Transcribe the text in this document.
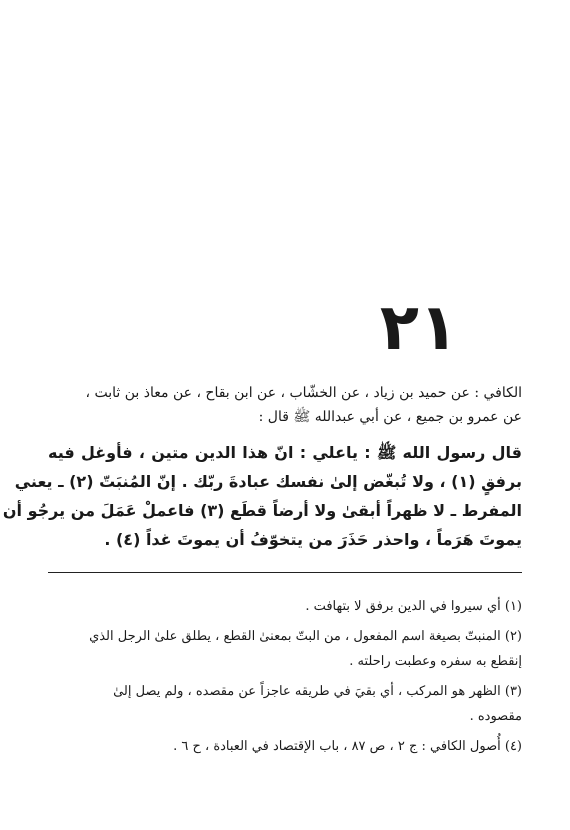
٢١
الكافي : عن حميد بن زياد ، عن الخشّاب ، عن ابن بقاح ، عن معاذ بن ثابت ،
عن عمرو بن جميع ، عن أبي عبدالله ﷺ قال :
قال رسول الله ﷺ : ياعلي : انّ هذا الدين متين ، فأوغل فيه
برفقٍ (١) ، ولا تُبغّض إلىٰ نفسك عبادةَ ربّك . إنّ المُنبَتّ (٢) ـ يعني
المفرط ـ لا ظهراً أبقىٰ ولا أرضاً قطَع (٣) فاعملْ عَمَلَ من يرجُو أن
يموتَ هَرَماً ، واحذر حَذَرَ من يتخوّفُ أن يموتَ غداً (٤) .
(١) أي سيروا في الدين برفق لا بتهافت .
(٢) المنبتّ بصيغة اسم المفعول ، من البتّ بمعنىٰ القطع ، يطلق علىٰ الرجل الذي
إنقطع به سفره وعطبت راحلته .
(٣) الظهر هو المركب ، أي بقيَ في طريقه عاجزاً عن مقصده ، ولم يصل إلىٰ
مقصوده .
(٤) أُصول الكافي : ج ٢ ، ص ٨٧ ، باب الإقتصاد في العبادة ، ح ٦ .
